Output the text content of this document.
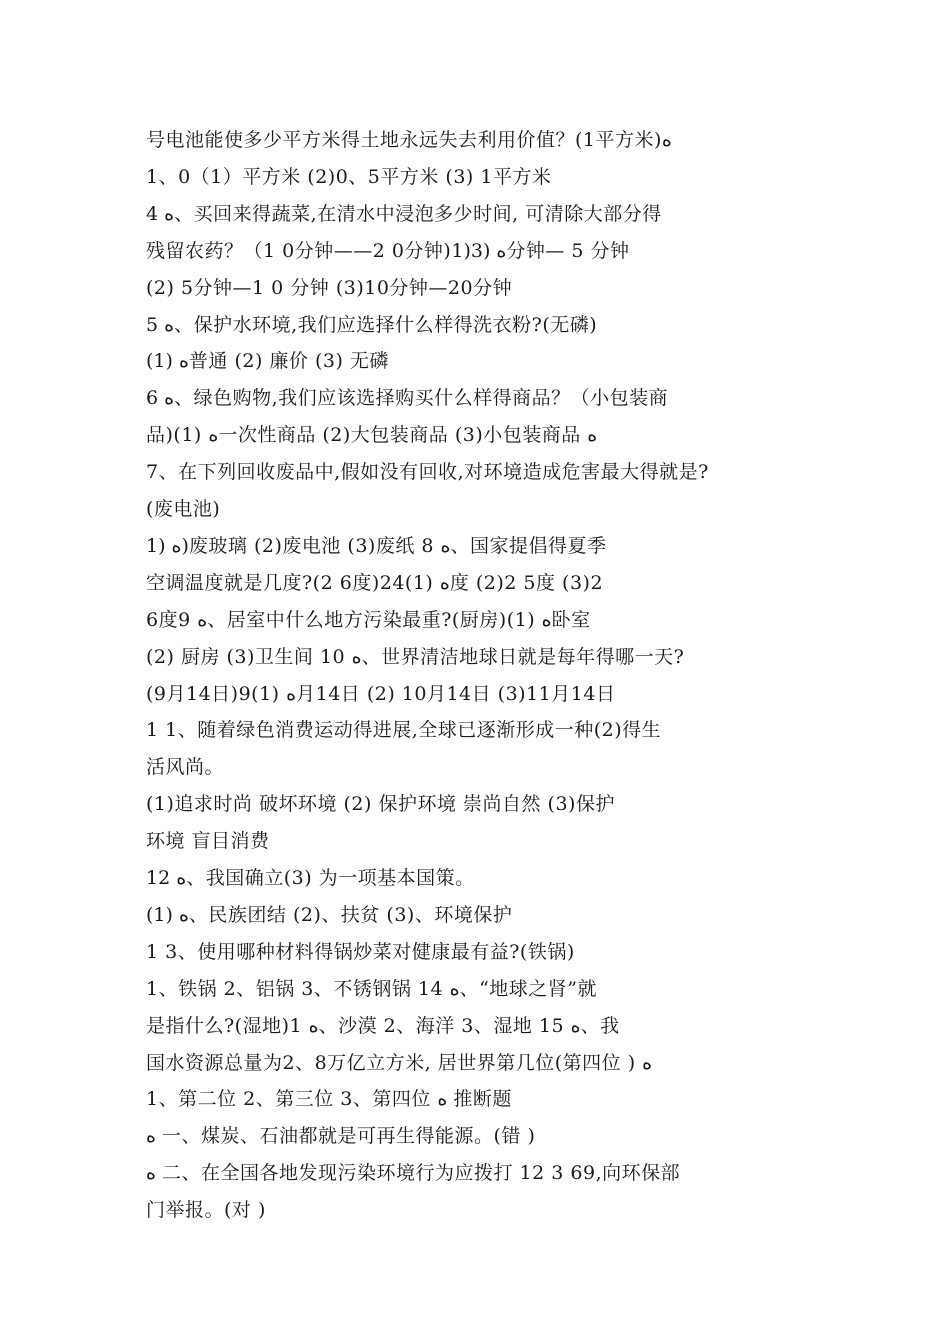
号电池能使多少平方米得土地永远失去利用价值？(1平方米)ﻩ
1、0（1）平方米 (2)0、5平方米 (3) 1平方米
4 ﻩ、买回来得蔬菜,在清水中浸泡多少时间, 可清除大部分得
残留农药？（1 0分钟——2 0分钟)ﻩ (3(1分钟— 5 分钟
(2) 5分钟—1 0 分钟 (3)10分钟—20分钟
5 ﻩ、保护水环境,我们应选择什么样得洗衣粉?(无磷)
(1) ﻩ普通 (2) 廉价 (3) 无磷
6 ﻩ、绿色购物,我们应该选择购买什么样得商品？（小包装商
品)(1) ﻩ一次性商品 (2)大包装商品 (3)小包装商品 ﻩ
7、在下列回收废品中,假如没有回收,对环境造成危害最大得就是?
(废电池)
1) ﻩ)废玻璃 (2)废电池 (3)废纸 8 ﻩ、国家提倡得夏季
空调温度就是几度?(2 6度)24(1) ﻩ度 (2)2 5度 (3)2
6度9 ﻩ、居室中什么地方污染最重?(厨房)(1) ﻩ卧室
(2) 厨房 (3)卫生间 10 ﻩ、世界清洁地球日就是每年得哪一天?
(9月14日)9(1) ﻩ月14日 (2) 10月14日 (3)11月14日
1 1、随着绿色消费运动得进展,全球已逐渐形成一种(2)得生
活风尚。
(1)追求时尚 破坏环境 (2) 保护环境 崇尚自然 (3)保护
环境 盲目消费
12 ﻩ、我国确立(3) 为一项基本国策。
(1) ﻩ、民族团结 (2)、扶贫 (3)、环境保护
1 3、使用哪种材料得锅炒菜对健康最有益?(铁锅)
1、铁锅 2、铝锅 3、不锈钢锅 14 ﻩ、“地球之肾”就
是指什么?(湿地)1 ﻩ、沙漠 2、海洋 3、湿地 15 ﻩ、我
国水资源总量为2、8万亿立方米, 居世界第几位(第四位 ) ﻩ
1、第二位 2、第三位 3、第四位 ﻩ 推断题
ﻩ 一、煤炭、石油都就是可再生得能源。(错 )
ﻩ 二、在全国各地发现污染环境行为应拨打 12 3 69,向环保部
门举报。(对 )
